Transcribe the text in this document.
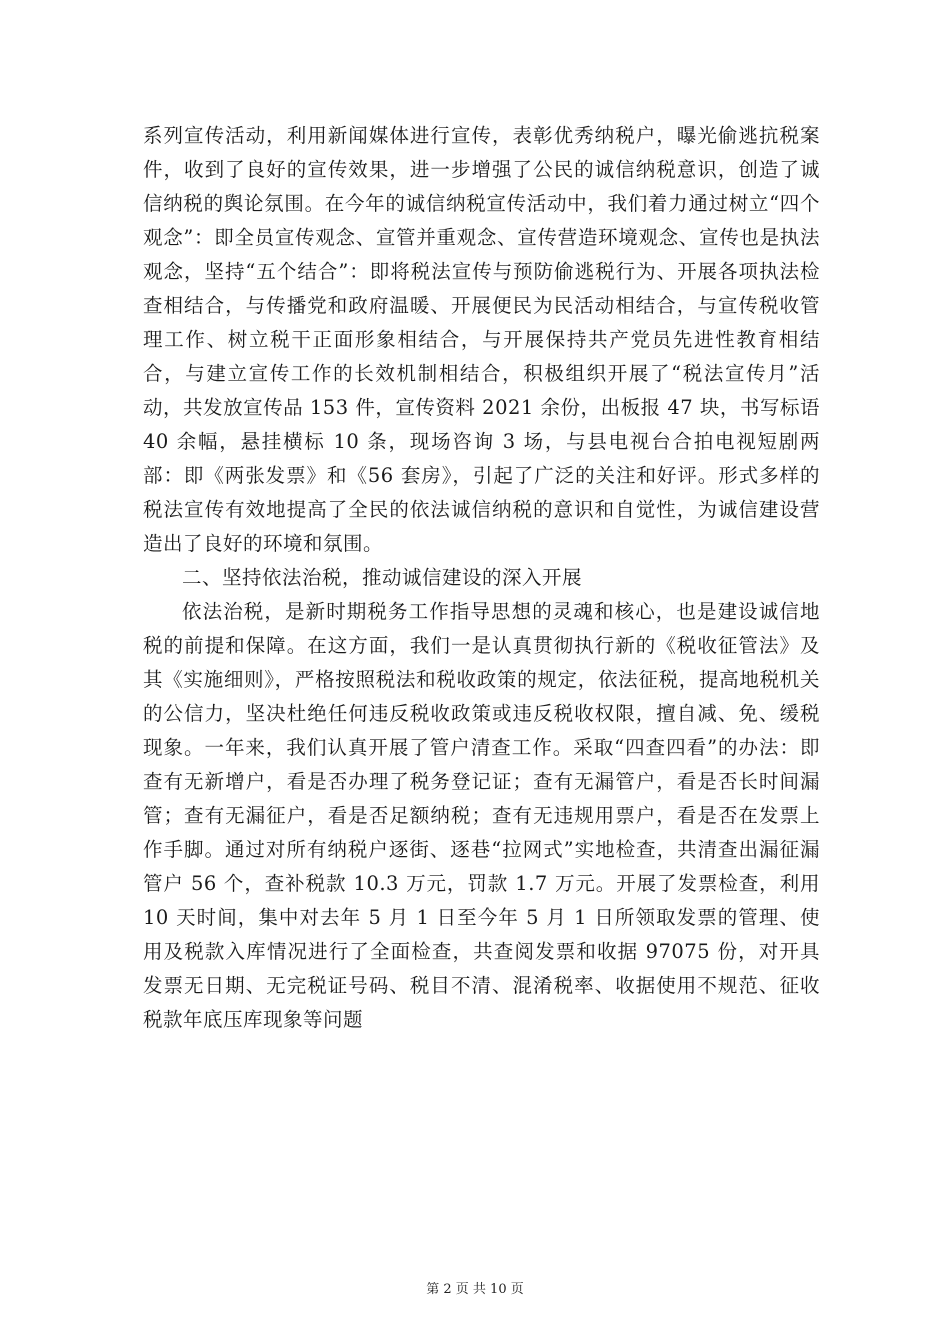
系列宣传活动，利用新闻媒体进行宣传，表彰优秀纳税户，曝光偷逃抗税案件，收到了良好的宣传效果，进一步增强了公民的诚信纳税意识，创造了诚信纳税的舆论氛围。在今年的诚信纳税宣传活动中，我们着力通过树立“四个观念”：即全员宣传观念、宣管并重观念、宣传营造环境观念、宣传也是执法观念，坚持“五个结合”：即将税法宣传与预防偷逃税行为、开展各项执法检查相结合，与传播党和政府温暖、开展便民为民活动相结合，与宣传税收管理工作、树立税干正面形象相结合，与开展保持共产党员先进性教育相结合，与建立宣传工作的长效机制相结合，积极组织开展了“税法宣传月”活动，共发放宣传品 153 件，宣传资料 2021 余份，出板报 47 块，书写标语 40 余幅，悬挂横标 10 条，现场咨询 3 场，与县电视台合拍电视短剧两部：即《两张发票》和《56 套房》，引起了广泛的关注和好评。形式多样的税法宣传有效地提高了全民的依法诚信纳税的意识和自觉性，为诚信建设营造出了良好的环境和氛围。

二、坚持依法治税，推动诚信建设的深入开展

依法治税，是新时期税务工作指导思想的灵魂和核心，也是建设诚信地税的前提和保障。在这方面，我们一是认真贯彻执行新的《税收征管法》及其《实施细则》，严格按照税法和税收政策的规定，依法征税，提高地税机关的公信力，坚决杜绝任何违反税收政策或违反税收权限，擅自减、免、缓税现象。一年来，我们认真开展了管户清查工作。采取“四查四看”的办法：即查有无新增户，看是否办理了税务登记证；查有无漏管户，看是否长时间漏管；查有无漏征户，看是否足额纳税；查有无违规用票户，看是否在发票上作手脚。通过对所有纳税户逐街、逐巷“拉网式”实地检查，共清查出漏征漏管户 56 个，查补税款 10.3 万元，罚款 1.7 万元。开展了发票检查，利用 10 天时间，集中对去年 5 月 1 日至今年 5 月 1 日所领取发票的管理、使用及税款入库情况进行了全面检查，共查阅发票和收据 97075 份，对开具发票无日期、无完税证号码、税目不清、混淆税率、收据使用不规范、征收税款年底压库现象等问题

第 2 页 共 10 页
